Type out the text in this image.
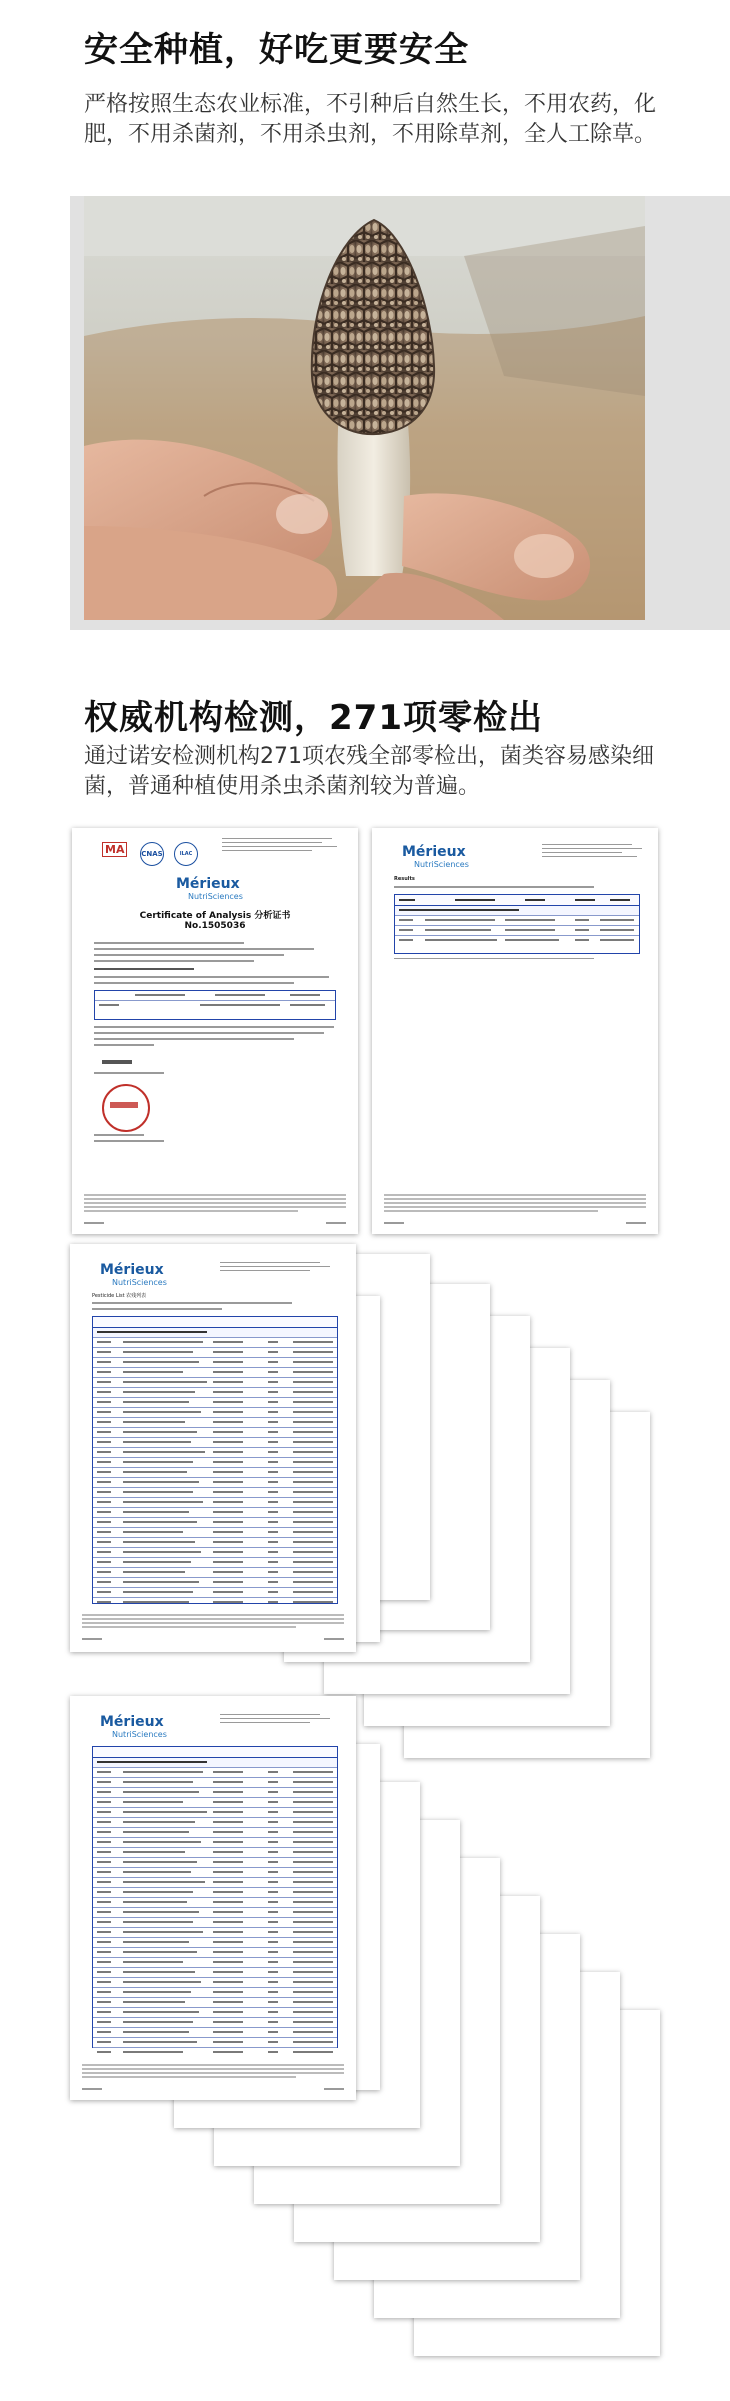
安全种植，好吃更要安全
严格按照生态农业标准，不引种后自然生长，不用农药，化肥，不用杀菌剂，不用杀虫剂，不用除草剂，全人工除草。
权威机构检测，271项零检出
通过诺安检测机构271项农残全部零检出，菌类容易感染细菌，普通种植使用杀虫杀菌剂较为普遍。
MA	CNAS	ILAC
Mérieux
NutriSciences
Certificate of Analysis 分析证书
No.1505036
Mérieux
NutriSciences
Results
Mérieux
NutriSciences
Pesticide List 农残列表
Mérieux
NutriSciences
